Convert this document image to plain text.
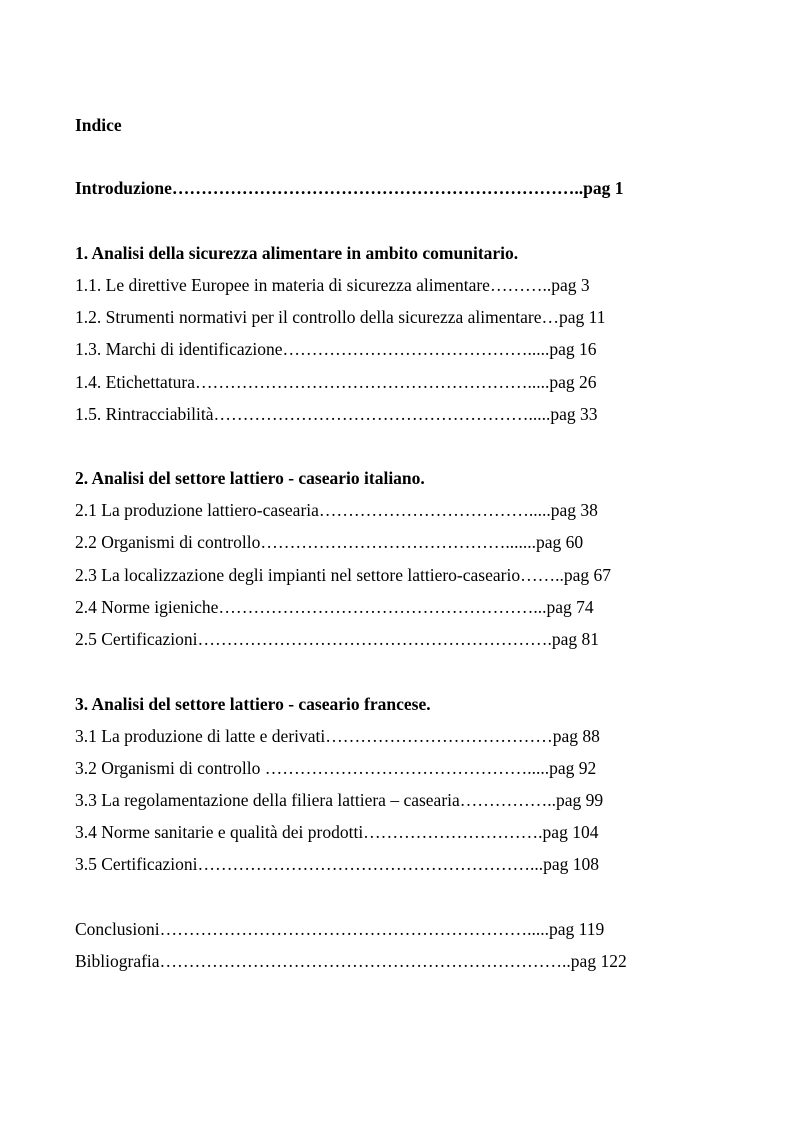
Indice
Introduzione……………………………………………………………..pag 1
1. Analisi della sicurezza alimentare in ambito comunitario.
1.1. Le direttive Europee in materia di sicurezza alimentare………..pag 3
1.2. Strumenti normativi per il controllo della sicurezza alimentare…pag 11
1.3. Marchi di identificazione…………………………………….....pag 16
1.4. Etichettatura………………………………………………….....pag 26
1.5. Rintracciabilità……………………………………………….....pag 33
2. Analisi del settore lattiero - caseario italiano.
2.1 La produzione lattiero-casearia……………………………….....pag 38
2.2 Organismi di controllo…………………………………….......pag 60
2.3 La localizzazione degli impianti nel settore lattiero-caseario……..pag 67
2.4 Norme igieniche………………………………………………...pag 74
2.5 Certificazioni…………………………………………………….pag 81
3. Analisi del settore lattiero - caseario francese.
3.1 La produzione di latte e derivati…………………………………pag 88
3.2 Organismi di controllo ……………………………………….....pag 92
3.3 La regolamentazione della filiera lattiera – casearia……………..pag 99
3.4 Norme sanitarie e qualità dei prodotti………………………….pag 104
3.5 Certificazioni…………………………………………………...pag 108
Conclusioni……………………………………………………….....pag 119
Bibliografia……………………………………………………………..pag 122
